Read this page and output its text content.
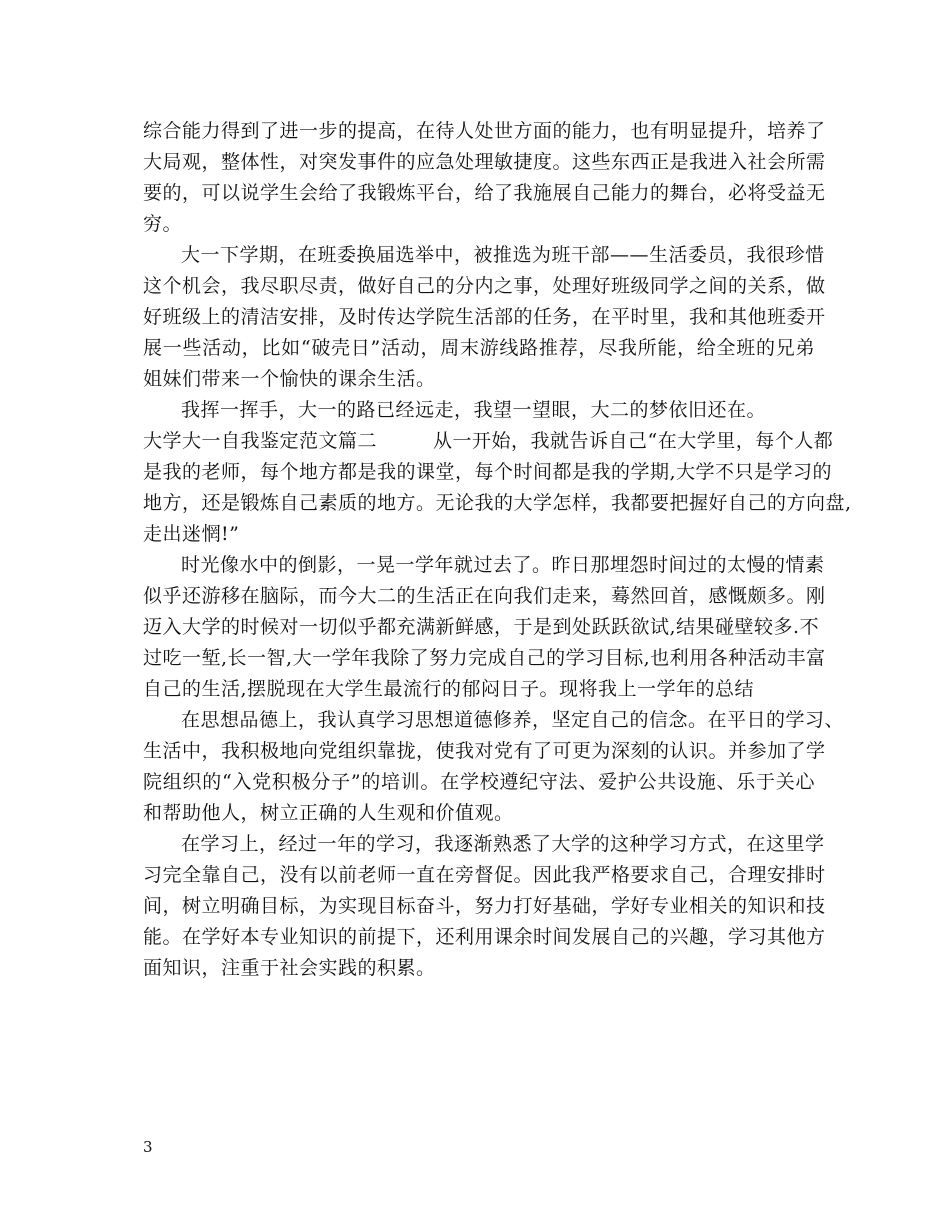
综合能力得到了进一步的提高，在待人处世方面的能力，也有明显提升，培养了
大局观，整体性，对突发事件的应急处理敏捷度。这些东西正是我进入社会所需
要的，可以说学生会给了我锻炼平台，给了我施展自己能力的舞台，必将受益无
穷。
大一下学期，在班委换届选举中，被推选为班干部——生活委员，我很珍惜
这个机会，我尽职尽责，做好自己的分内之事，处理好班级同学之间的关系，做
好班级上的清洁安排，及时传达学院生活部的任务，在平时里，我和其他班委开
展一些活动，比如“破壳日”活动，周末游线路推荐，尽我所能，给全班的兄弟
姐妹们带来一个愉快的课余生活。
我挥一挥手，大一的路已经远走，我望一望眼，大二的梦依旧还在。
大学大一自我鉴定范文篇二	从一开始，我就告诉自己“在大学里，每个人都
是我的老师，每个地方都是我的课堂，每个时间都是我的学期,大学不只是学习的
地方，还是锻炼自己素质的地方。无论我的大学怎样，我都要把握好自己的方向盘,
走出迷惘!”
时光像水中的倒影，一晃一学年就过去了。昨日那埋怨时间过的太慢的情素
似乎还游移在脑际，而今大二的生活正在向我们走来，蓦然回首，感慨颇多。刚
迈入大学的时候对一切似乎都充满新鲜感，于是到处跃跃欲试,结果碰壁较多.不
过吃一堑,长一智,大一学年我除了努力完成自己的学习目标,也利用各种活动丰富
自己的生活,摆脱现在大学生最流行的郁闷日子。现将我上一学年的总结
在思想品德上，我认真学习思想道德修养，坚定自己的信念。在平日的学习、
生活中，我积极地向党组织靠拢，使我对党有了可更为深刻的认识。并参加了学
院组织的“入党积极分子”的培训。在学校遵纪守法、爱护公共设施、乐于关心
和帮助他人，树立正确的人生观和价值观。
在学习上，经过一年的学习，我逐渐熟悉了大学的这种学习方式，在这里学
习完全靠自己，没有以前老师一直在旁督促。因此我严格要求自己，合理安排时
间，树立明确目标，为实现目标奋斗，努力打好基础，学好专业相关的知识和技
能。在学好本专业知识的前提下，还利用课余时间发展自己的兴趣，学习其他方
面知识，注重于社会实践的积累。
3
